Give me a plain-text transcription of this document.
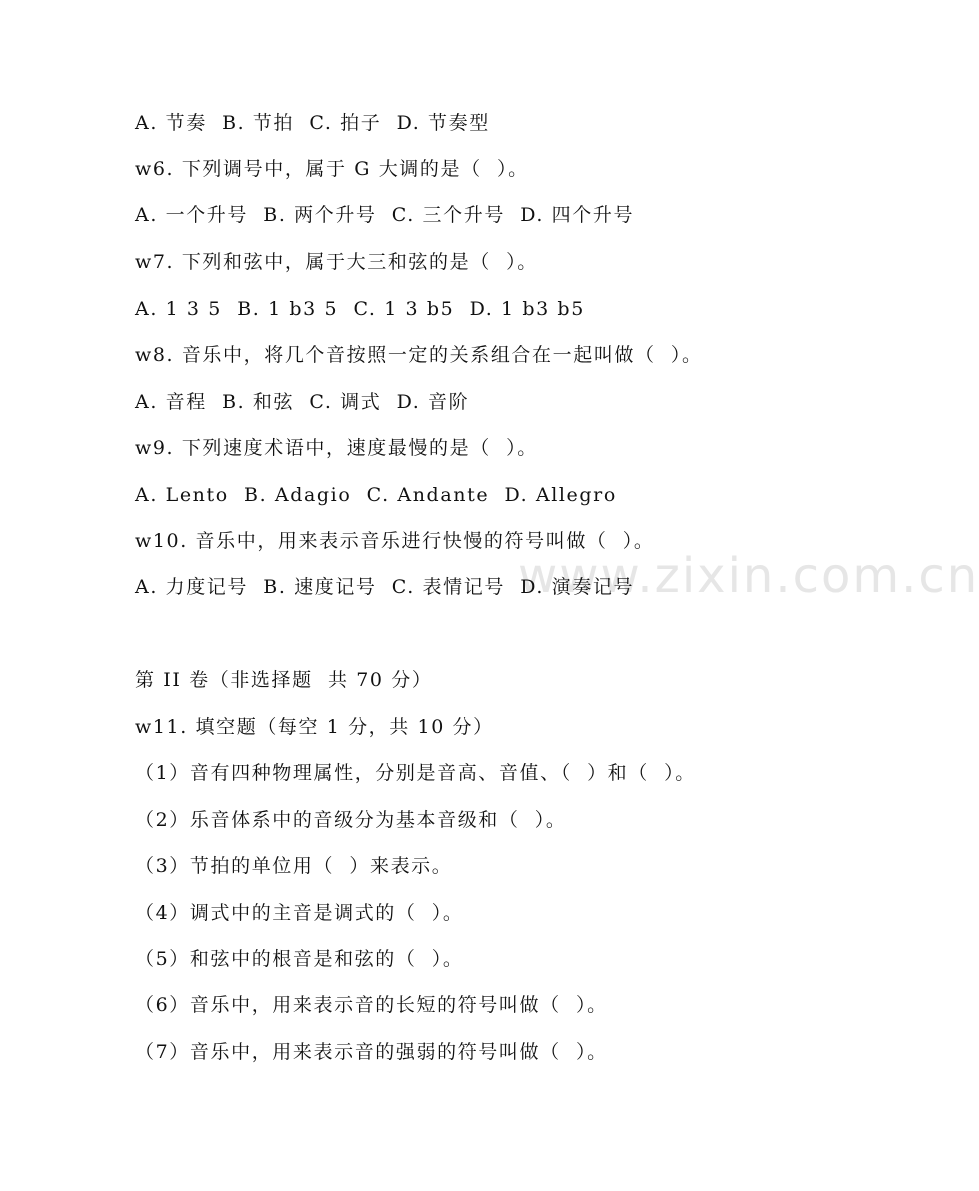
www.zixin.com.cn
A. 节奏  B. 节拍  C. 拍子  D. 节奏型
w6. 下列调号中，属于 G 大调的是（  ）。
A. 一个升号  B. 两个升号  C. 三个升号  D. 四个升号
w7. 下列和弦中，属于大三和弦的是（  ）。
A. 1 3 5  B. 1 b3 5  C. 1 3 b5  D. 1 b3 b5
w8. 音乐中，将几个音按照一定的关系组合在一起叫做（  ）。
A. 音程  B. 和弦  C. 调式  D. 音阶
w9. 下列速度术语中，速度最慢的是（  ）。
A. Lento  B. Adagio  C. Andante  D. Allegro
w10. 音乐中，用来表示音乐进行快慢的符号叫做（  ）。
A. 力度记号  B. 速度记号  C. 表情记号  D. 演奏记号
第 II 卷（非选择题  共 70 分）
w11. 填空题（每空 1 分，共 10 分）
（1）音有四种物理属性，分别是音高、音值、（  ）和（  ）。
（2）乐音体系中的音级分为基本音级和（  ）。
（3）节拍的单位用（  ）来表示。
（4）调式中的主音是调式的（  ）。
（5）和弦中的根音是和弦的（  ）。
（6）音乐中，用来表示音的长短的符号叫做（  ）。
（7）音乐中，用来表示音的强弱的符号叫做（  ）。
